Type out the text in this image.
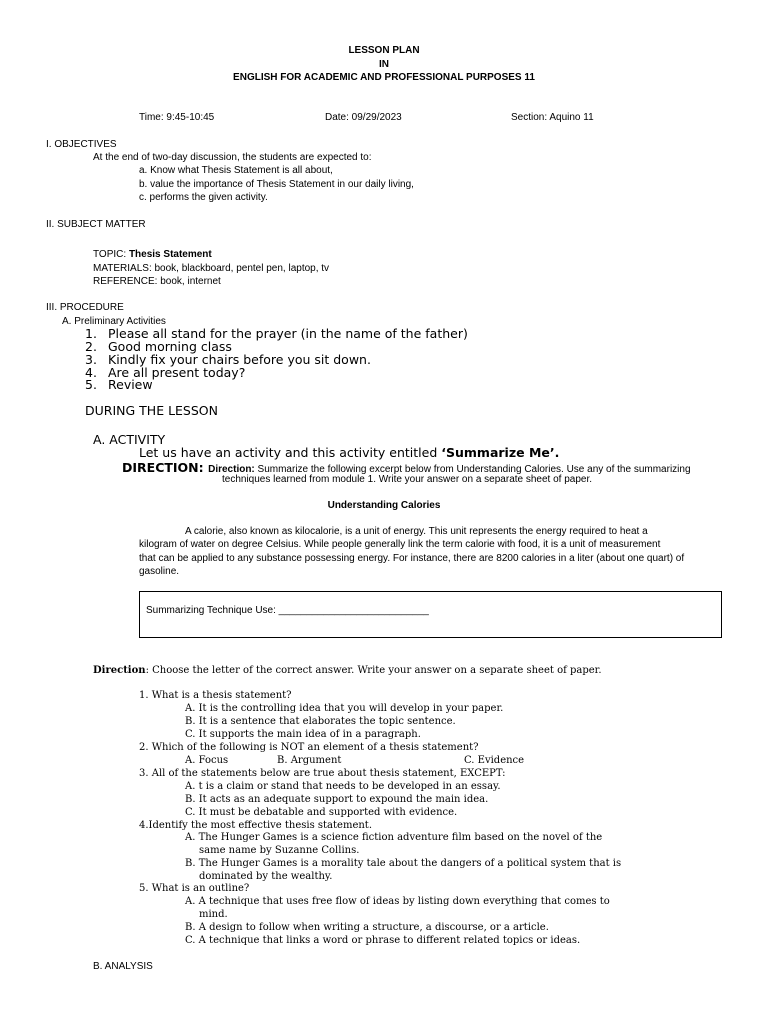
LESSON PLAN
IN
ENGLISH FOR ACADEMIC AND PROFESSIONAL PURPOSES 11
Time: 9:45-10:45	Date: 09/29/2023	Section: Aquino 11
I. OBJECTIVES
At the end of two-day discussion, the students are expected to:
a. Know what Thesis Statement is all about,
b. value the importance of Thesis Statement in our daily living,
c. performs the given activity.
II. SUBJECT MATTER
TOPIC: Thesis Statement
MATERIALS: book, blackboard, pentel pen, laptop, tv
REFERENCE: book, internet
III. PROCEDURE
A. Preliminary Activities
1. Please all stand for the prayer (in the name of the father)
2. Good morning class
3. Kindly fix your chairs before you sit down.
4. Are all present today?
5. Review
DURING THE LESSON
A. ACTIVITY
Let us have an activity and this activity entitled ‘Summarize Me’.
DIRECTION: Direction: Summarize the following excerpt below from Understanding Calories. Use any of the summarizing
techniques learned from module 1. Write your answer on a separate sheet of paper.
Understanding Calories
A calorie, also known as kilocalorie, is a unit of energy. This unit represents the energy required to heat a
kilogram of water on degree Celsius. While people generally link the term calorie with food, it is a unit of measurement
that can be applied to any substance possessing energy. For instance, there are 8200 calories in a liter (about one quart) of
gasoline.
Summarizing Technique Use: ___________________________
Direction: Choose the letter of the correct answer. Write your answer on a separate sheet of paper.
1. What is a thesis statement?
A. It is the controlling idea that you will develop in your paper.
B. It is a sentence that elaborates the topic sentence.
C. It supports the main idea of in a paragraph.
2. Which of the following is NOT an element of a thesis statement?
A. Focus	B. Argument	C. Evidence
3. All of the statements below are true about thesis statement, EXCEPT:
A. t is a claim or stand that needs to be developed in an essay.
B. It acts as an adequate support to expound the main idea.
C. It must be debatable and supported with evidence.
4.Identify the most effective thesis statement.
A. The Hunger Games is a science fiction adventure film based on the novel of the
same name by Suzanne Collins.
B. The Hunger Games is a morality tale about the dangers of a political system that is
dominated by the wealthy.
5. What is an outline?
A. A technique that uses free flow of ideas by listing down everything that comes to
mind.
B. A design to follow when writing a structure, a discourse, or a article.
C. A technique that links a word or phrase to different related topics or ideas.
B. ANALYSIS
